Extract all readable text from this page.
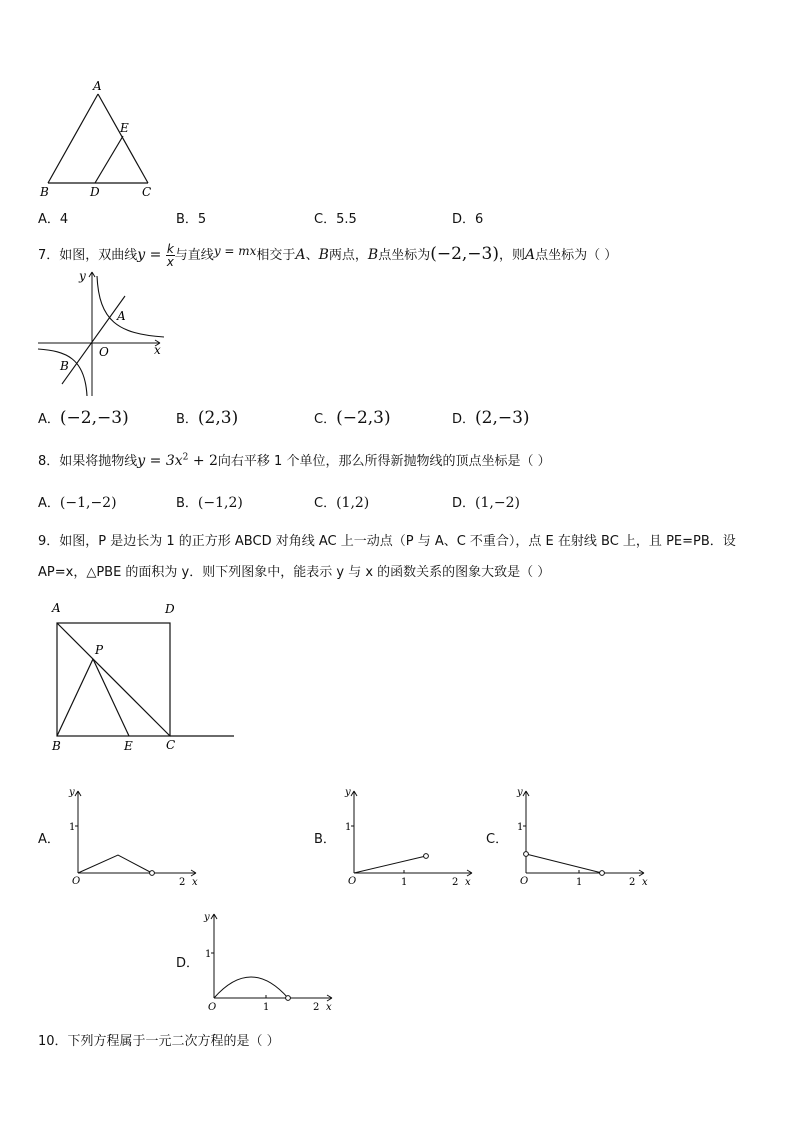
A
E
B	D	C
A．4	B．5	C．5.5	D．6
7．如图，双曲线$y = \frac{k}{x}$ 与直线y = mx相交于A、B两点，B点坐标为(−2,−3)，则A点坐标为（ ）
y
x
O
A
B
A．(−2,−3)	B．(2,3)	C．(−2,3)	D．(2,−3)
8．如果将抛物线$y = 3x^2 + 2$向右平移 1 个单位，那么所得新抛物线的顶点坐标是（ ）
A．(−1,−2)	B．(−1,2)	C．(1,2)	D．(1,−2)
9．如图，P 是边长为 1 的正方形 ABCD 对角线 AC 上一动点（P 与 A、C 不重合），点 E 在射线 BC 上，且 PE=PB．设
AP=x，△PBE 的面积为 y．则下列图象中，能表示 y 与 x 的函数关系的图象大致是（ ）
A	D
P
B	E	C
A．
y
1
O	2 x
B．
y
1
O	1	2 x
C．
y
1
O	1	2 x
D．
y
1
O	1	2 x
10．下列方程属于一元二次方程的是（ ）
